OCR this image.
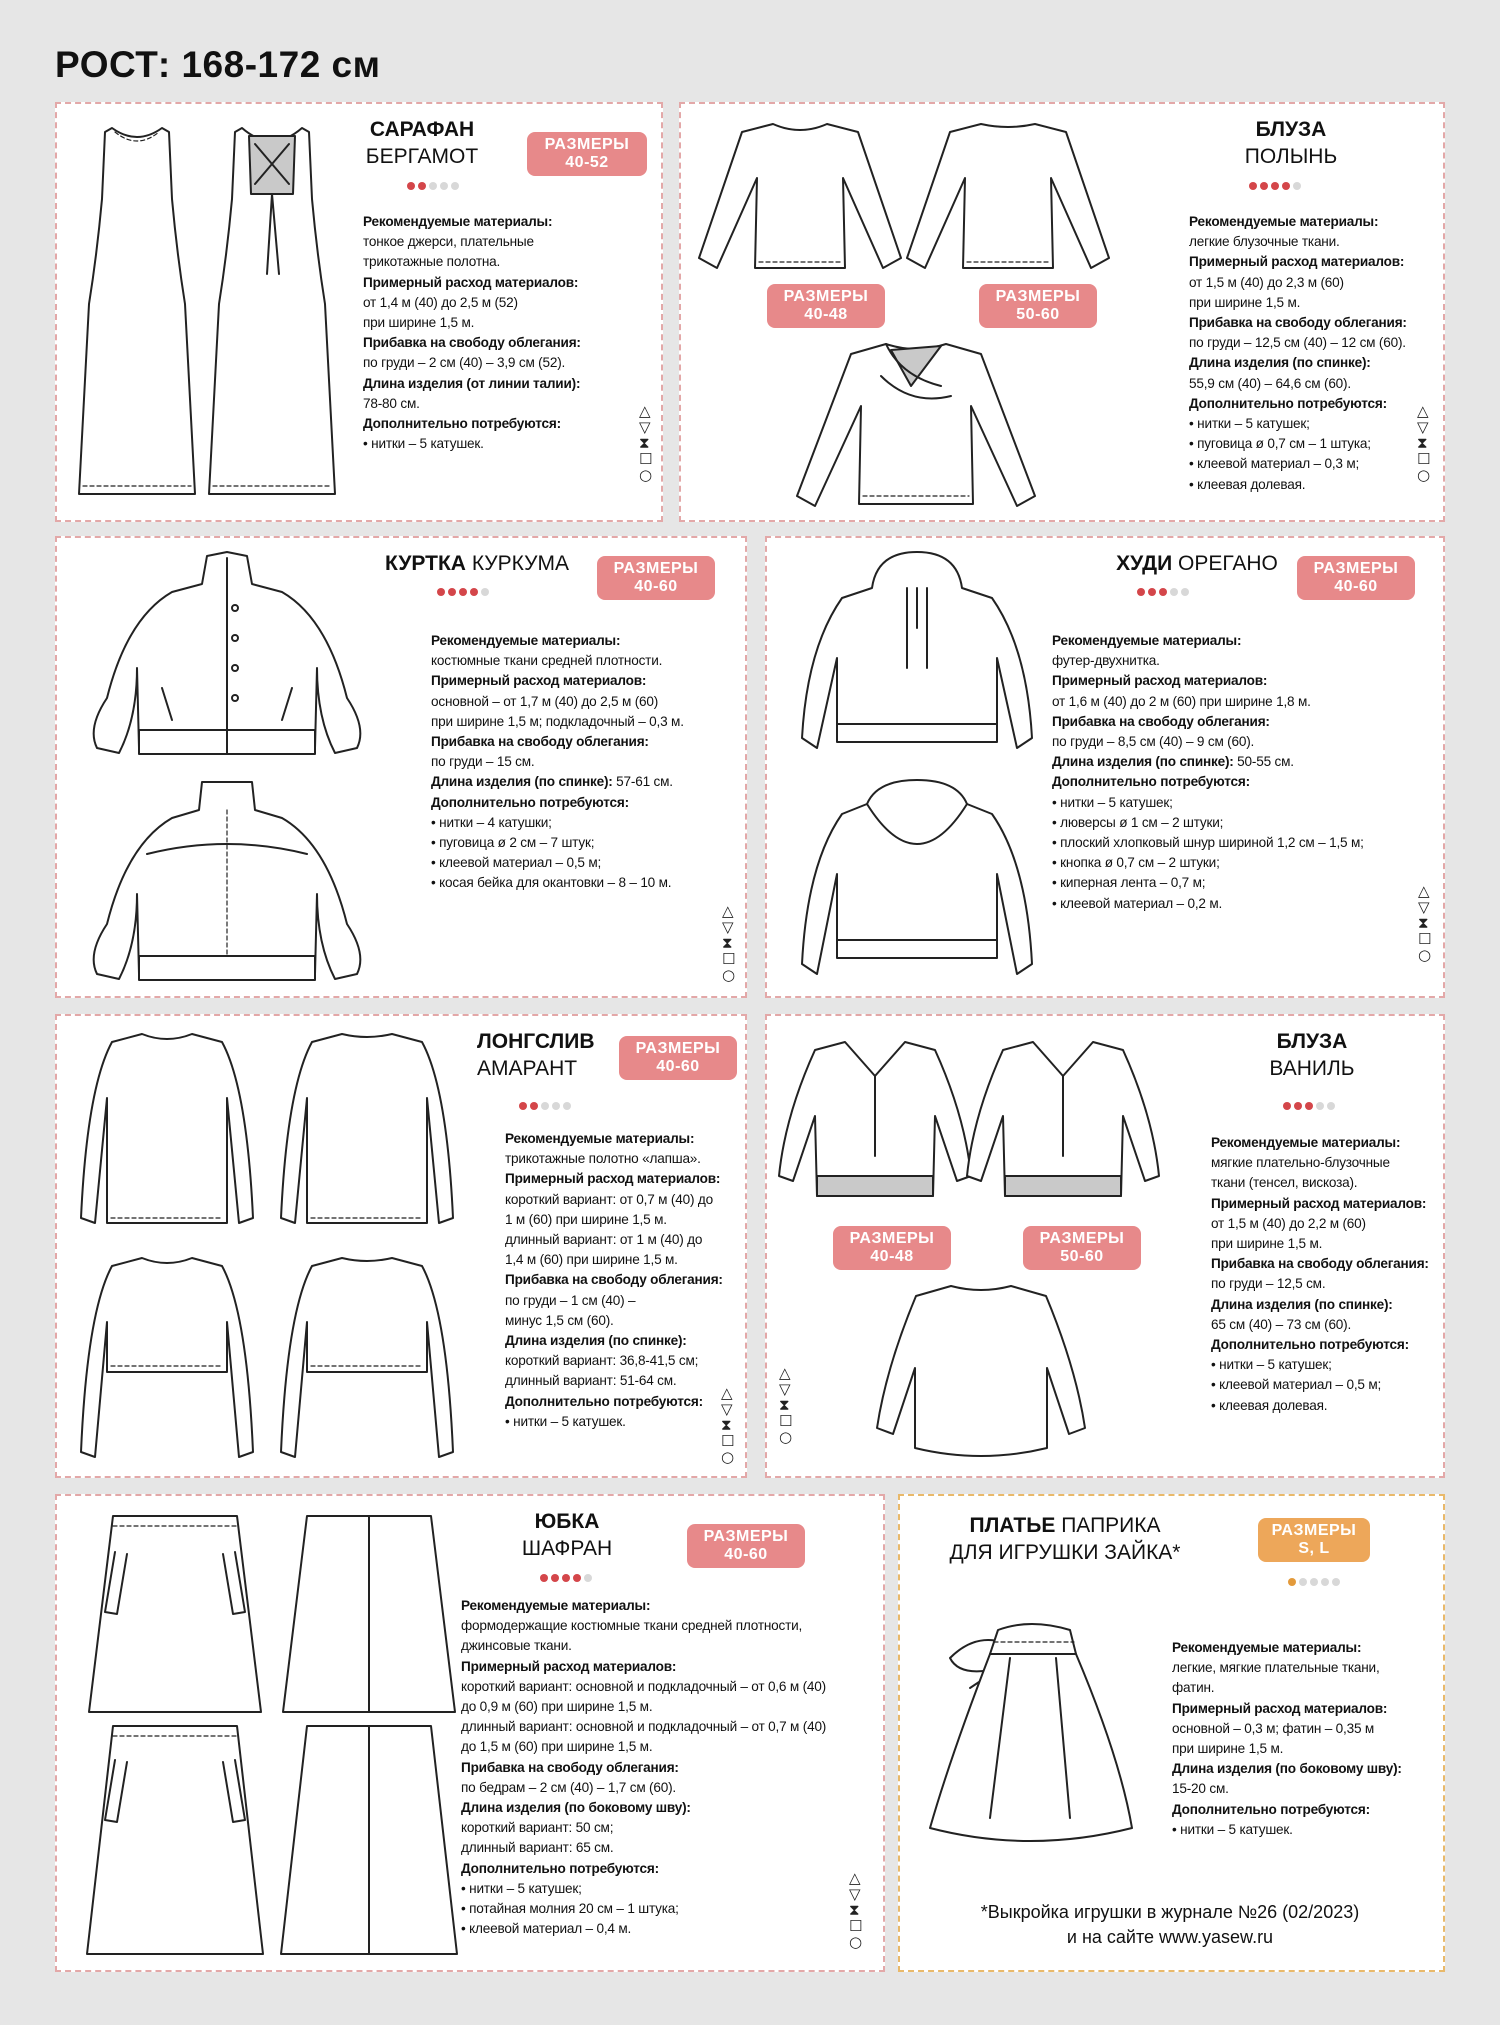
РОСТ: 168-172 см
САРАФАН
БЕРГАМОТ
РАЗМЕРЫ
40-52

Рекомендуемые материалы:

тонкое джерси, плательные

трикотажные полотна.

Примерный расход материалов:

от 1,4 м (40) до 2,5 м (52)

при ширине 1,5 м.

Прибавка на свободу облегания:

по груди – 2 см (40) – 3,9 см (52).

Длина изделия (от линии талии):

78-80 см.

Дополнительно потребуются:

• нитки – 5 катушек.

△
▽
⧗
☐
○
РАЗМЕРЫ
40-48
РАЗМЕРЫ
50-60
БЛУЗА
ПОЛЫНЬ

Рекомендуемые материалы:

легкие блузочные ткани.

Примерный расход материалов:

от 1,5 м (40) до 2,3 м (60)

при ширине 1,5 м.

Прибавка на свободу облегания:

по груди – 12,5 см (40) – 12 см (60).

Длина изделия (по спинке):

55,9 см (40) – 64,6 см (60).

Дополнительно потребуются:

• нитки – 5 катушек;

• пуговица ø 0,7 см – 1 штука;

• клеевой материал – 0,3 м;

• клеевая долевая.

△
▽
⧗
☐
○
КУРТКА КУРКУМА	РАЗМЕРЫ
40-60

Рекомендуемые материалы:

костюмные ткани средней плотности.

Примерный расход материалов:

основной – от 1,7 м (40) до 2,5 м (60)

при ширине 1,5 м; подкладочный – 0,3 м.

Прибавка на свободу облегания:

по груди – 15 см.

Длина изделия (по спинке): 57-61 см.

Дополнительно потребуются:

• нитки – 4 катушки;

• пуговица ø 2 см – 7 штук;

• клеевой материал – 0,5 м;

• косая бейка для окантовки – 8 – 10 м.

△
▽
⧗
☐
○
ХУДИ ОРЕГАНО	РАЗМЕРЫ
40-60

Рекомендуемые материалы:

футер-двухнитка.

Примерный расход материалов:

от 1,6 м (40) до 2 м (60) при ширине 1,8 м.

Прибавка на свободу облегания:

по груди – 8,5 см (40) – 9 см (60).

Длина изделия (по спинке): 50-55 см.

Дополнительно потребуются:

• нитки – 5 катушек;

• люверсы ø 1 см – 2 штуки;

• плоский хлопковый шнур шириной 1,2 см – 1,5 м;

• кнопка ø 0,7 см – 2 штуки;

• киперная лента – 0,7 м;

• клеевой материал – 0,2 м.

△
▽
⧗
☐
○
ЛОНГСЛИВ
АМАРАНТ
РАЗМЕРЫ
40-60

Рекомендуемые материалы:

трикотажные полотно «лапша».

Примерный расход материалов:

короткий вариант: от 0,7 м (40) до

1 м (60) при ширине 1,5 м.

длинный вариант: от 1 м (40) до

1,4 м (60) при ширине 1,5 м.

Прибавка на свободу облегания:

по груди – 1 см (40) –

минус 1,5 см (60).

Длина изделия (по спинке):

короткий вариант: 36,8-41,5 см;

длинный вариант: 51-64 см.

Дополнительно потребуются:

• нитки – 5 катушек.

△
▽
⧗
☐
○
РАЗМЕРЫ
40-48
РАЗМЕРЫ
50-60
БЛУЗА
ВАНИЛЬ

Рекомендуемые материалы:

мягкие плательно-блузочные

ткани (тенсел, вискоза).

Примерный расход материалов:

от 1,5 м (40) до 2,2 м (60)

при ширине 1,5 м.

Прибавка на свободу облегания:

по груди – 12,5 см.

Длина изделия (по спинке):

65 см (40) – 73 см (60).

Дополнительно потребуются:

• нитки – 5 катушек;

• клеевой материал – 0,5 м;

• клеевая долевая.

△
▽
⧗
☐
○
ЮБКА
ШАФРАН
РАЗМЕРЫ
40-60

Рекомендуемые материалы:

формодержащие костюмные ткани средней плотности,

джинсовые ткани.

Примерный расход материалов:

короткий вариант: основной и подкладочный – от 0,6 м (40)

до 0,9 м (60) при ширине 1,5 м.

длинный вариант: основной и подкладочный – от 0,7 м (40)

до 1,5 м (60) при ширине 1,5 м.

Прибавка на свободу облегания:

по бедрам – 2 см (40) – 1,7 см (60).

Длина изделия (по боковому шву):

короткий вариант: 50 см;

длинный вариант: 65 см.

Дополнительно потребуются:

• нитки – 5 катушек;

• потайная молния 20 см – 1 штука;

• клеевой материал – 0,4 м.

△
▽
⧗
☐
○
ПЛАТЬЕ ПАПРИКА
ДЛЯ ИГРУШКИ ЗАЙКА*
РАЗМЕРЫ
S, L

Рекомендуемые материалы:

легкие, мягкие плательные ткани,

фатин.

Примерный расход материалов:

основной – 0,3 м; фатин – 0,35 м

при ширине 1,5 м.

Длина изделия (по боковому шву):

15-20 см.

Дополнительно потребуются:

• нитки – 5 катушек.

*Выкройка игрушки в журнале №26 (02/2023)
и на сайте www.yasew.ru
